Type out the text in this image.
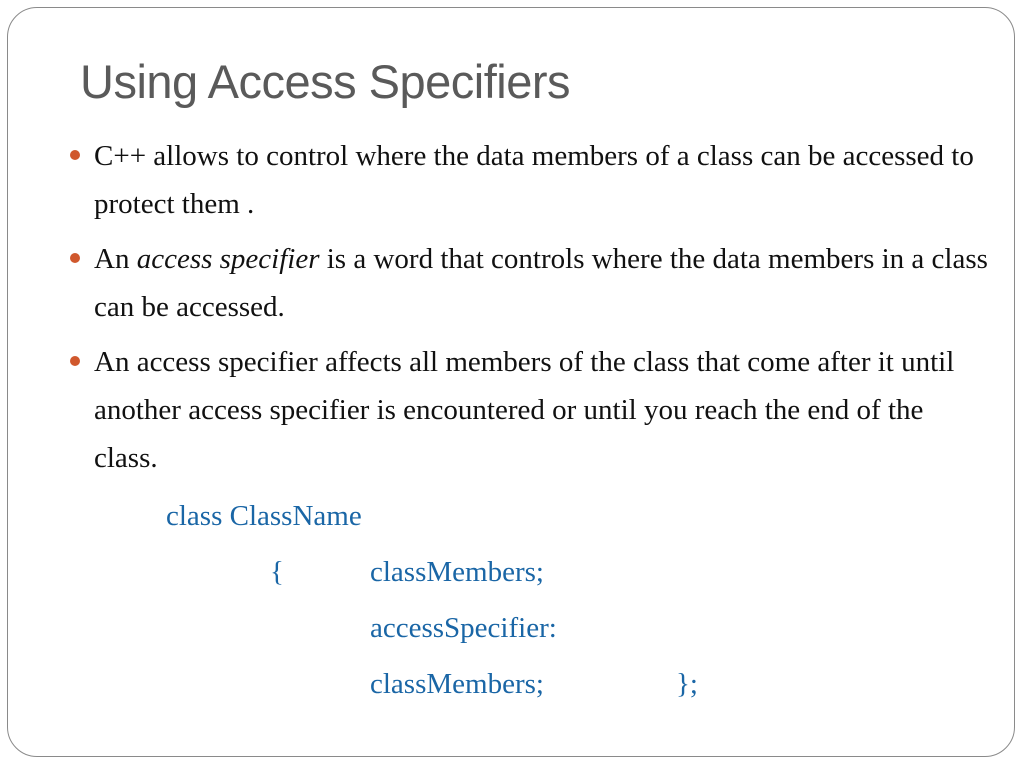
Using Access Specifiers
C++ allows to control where the data members of a class can be accessed to protect them .
An access specifier is a word that controls where the data members in a class can be accessed.
An access specifier affects all members of the class that come after it until another access specifier is encountered or until you reach the end of the class.
class ClassName
{	classMembers;
accessSpecifier:
classMembers;	};
